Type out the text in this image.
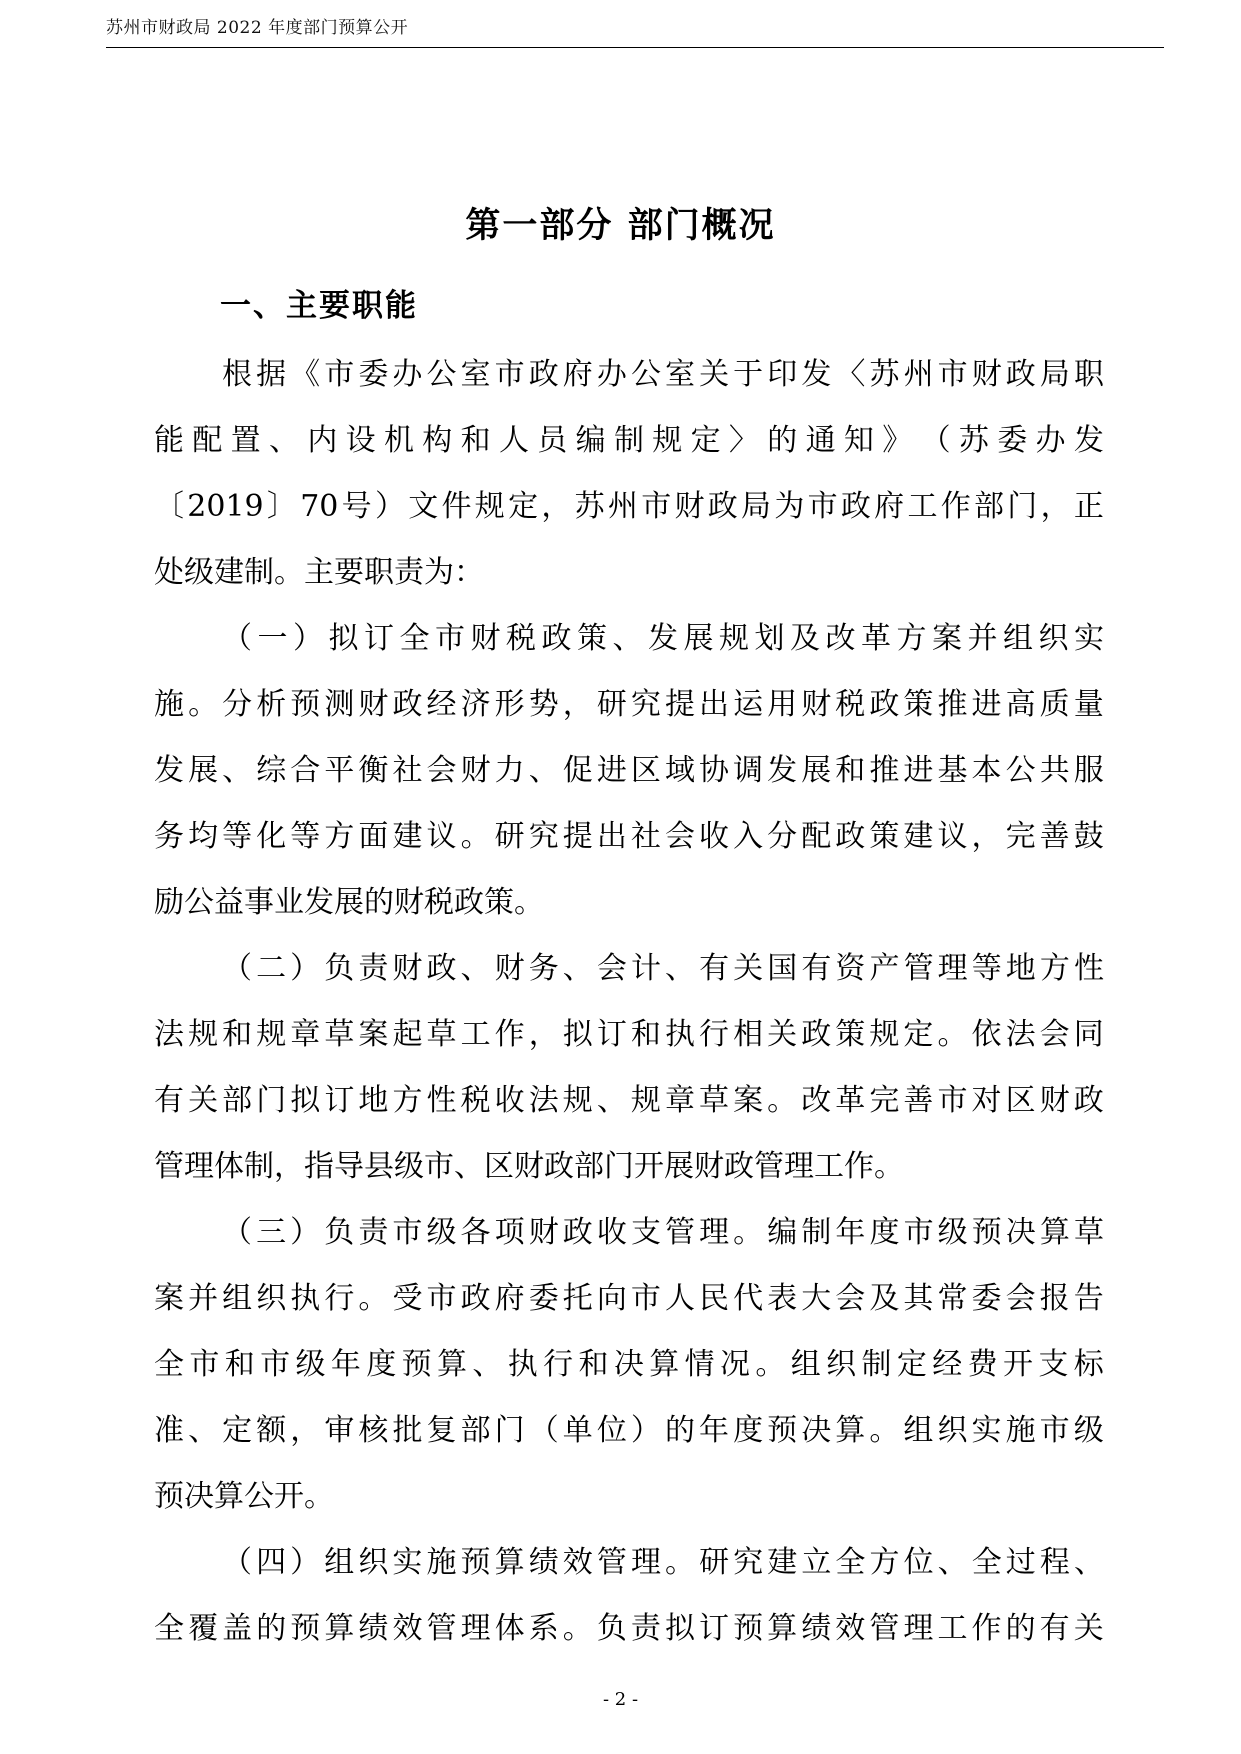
苏州市财政局 2022 年度部门预算公开
第一部分 部门概况
一、主要职能
根 据 《 市 委 办 公 室 市 政 府 办 公 室 关 于 印 发 〈 苏 州 市 财 政 局 职
能 配 置 、 内 设 机 构 和 人 员 编 制 规 定 〉 的 通 知 》 （ 苏 委 办 发
〔 2019 〕 70 号 ） 文 件 规 定 ， 苏 州 市 财 政 局 为 市 政 府 工 作 部 门 ， 正
处级建制。主要职责为：
（ 一 ） 拟 订 全 市 财 税 政 策 、 发 展 规 划 及 改 革 方 案 并 组 织 实
施 。 分 析 预 测 财 政 经 济 形 势 ， 研 究 提 出 运 用 财 税 政 策 推 进 高 质 量
发 展 、 综 合 平 衡 社 会 财 力 、 促 进 区 域 协 调 发 展 和 推 进 基 本 公 共 服
务 均 等 化 等 方 面 建 议 。 研 究 提 出 社 会 收 入 分 配 政 策 建 议 ， 完 善 鼓
励公益事业发展的财税政策。
（ 二 ） 负 责 财 政 、 财 务 、 会 计 、 有 关 国 有 资 产 管 理 等 地 方 性
法 规 和 规 章 草 案 起 草 工 作 ， 拟 订 和 执 行 相 关 政 策 规 定 。 依 法 会 同
有 关 部 门 拟 订 地 方 性 税 收 法 规 、 规 章 草 案 。 改 革 完 善 市 对 区 财 政
管理体制，指导县级市、区财政部门开展财政管理工作。
（ 三 ） 负 责 市 级 各 项 财 政 收 支 管 理 。 编 制 年 度 市 级 预 决 算 草
案 并 组 织 执 行 。 受 市 政 府 委 托 向 市 人 民 代 表 大 会 及 其 常 委 会 报 告
全 市 和 市 级 年 度 预 算 、 执 行 和 决 算 情 况 。 组 织 制 定 经 费 开 支 标
准 、 定 额 ， 审 核 批 复 部 门 （ 单 位 ） 的 年 度 预 决 算 。 组 织 实 施 市 级
预决算公开。
（ 四 ） 组 织 实 施 预 算 绩 效 管 理 。 研 究 建 立 全 方 位 、 全 过 程 、
全 覆 盖 的 预 算 绩 效 管 理 体 系 。 负 责 拟 订 预 算 绩 效 管 理 工 作 的 有 关
- 2 -
